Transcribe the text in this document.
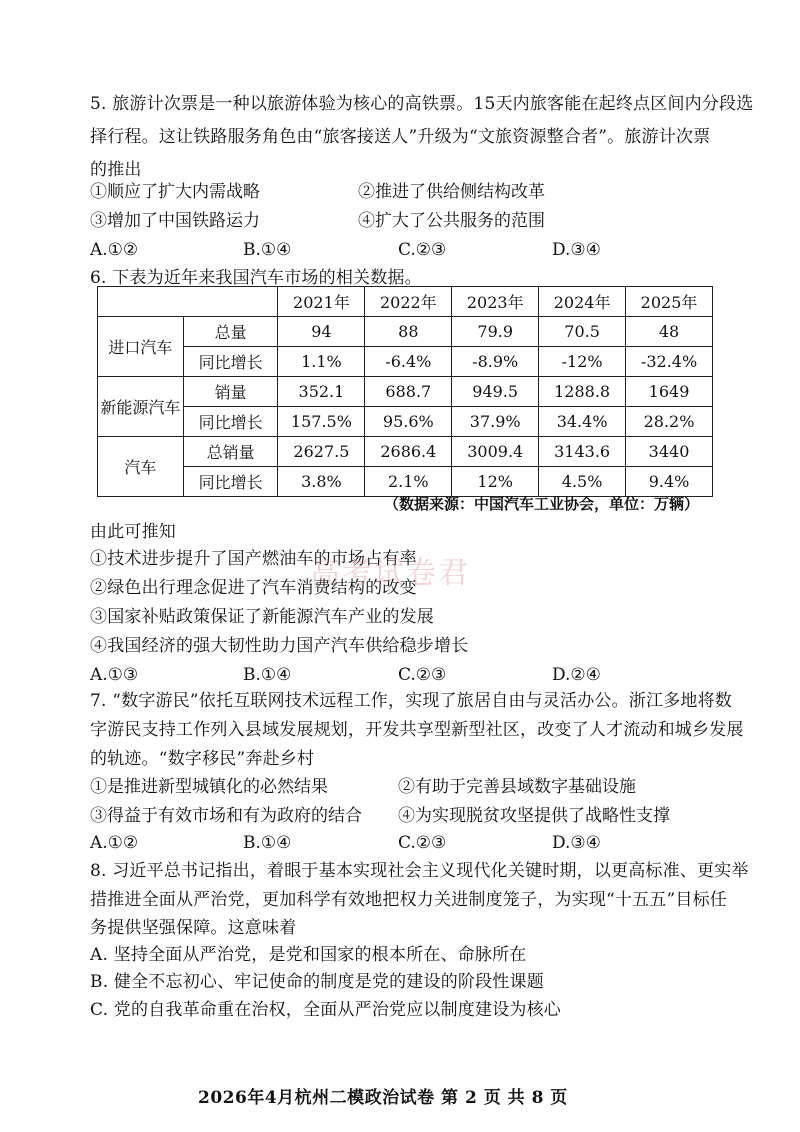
5. 旅游计次票是一种以旅游体验为核心的高铁票。15天内旅客能在起终点区间内分段选
择行程。这让铁路服务角色由“旅客接送人”升级为“文旅资源整合者”。旅游计次票
的推出
①顺应了扩大内需战略	②推进了供给侧结构改革
③增加了中国铁路运力	④扩大了公共服务的范围
A.①②	B.①④	C.②③	D.③④
6. 下表为近年来我国汽车市场的相关数据。
		2021年	2022年	2023年	2024年	2025年
进口汽车	总量	94	88	79.9	70.5	48
	同比增长	1.1%	-6.4%	-8.9%	-12%	-32.4%
新能源汽车	销量	352.1	688.7	949.5	1288.8	1649
	同比增长	157.5%	95.6%	37.9%	34.4%	28.2%
汽车	总销量	2627.5	2686.4	3009.4	3143.6	3440
	同比增长	3.8%	2.1%	12%	4.5%	9.4%
（数据来源：中国汽车工业协会，单位：万辆）
由此可推知
①技术进步提升了国产燃油车的市场占有率
②绿色出行理念促进了汽车消费结构的改变
③国家补贴政策保证了新能源汽车产业的发展
④我国经济的强大韧性助力国产汽车供给稳步增长
A.①③	B.①④	C.②③	D.②④
高考试卷君
7. “数字游民”依托互联网技术远程工作，实现了旅居自由与灵活办公。浙江多地将数
字游民支持工作列入县域发展规划，开发共享型新型社区，改变了人才流动和城乡发展
的轨迹。“数字移民”奔赴乡村
①是推进新型城镇化的必然结果	②有助于完善县域数字基础设施
③得益于有效市场和有为政府的结合 ④为实现脱贫攻坚提供了战略性支撑
A.①②	B.①④	C.②③	D.③④
8. 习近平总书记指出，着眼于基本实现社会主义现代化关键时期，以更高标准、更实举
措推进全面从严治党，更加科学有效地把权力关进制度笼子，为实现“十五五”目标任
务提供坚强保障。这意味着
A. 坚持全面从严治党，是党和国家的根本所在、命脉所在
B. 健全不忘初心、牢记使命的制度是党的建设的阶段性课题
C. 党的自我革命重在治权，全面从严治党应以制度建设为核心
2026年4月杭州二模政治试卷 第 2 页 共 8 页
